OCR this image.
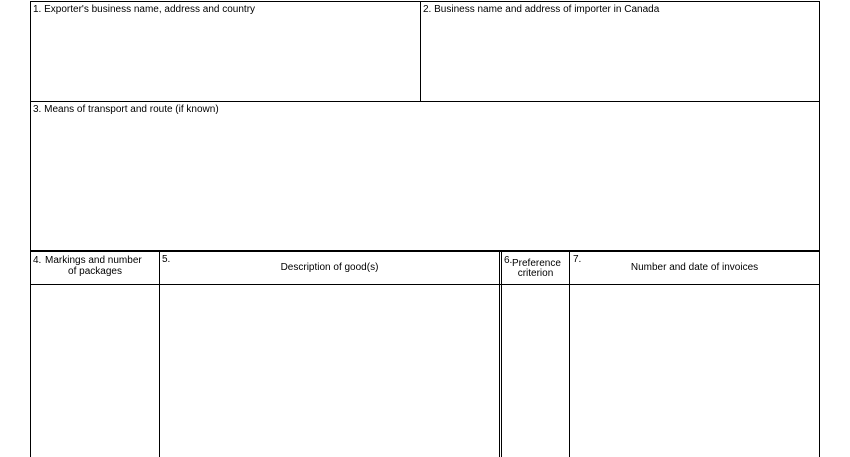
1. Exporter's business name, address and country	2. Business name and address of importer in Canada
3. Means of transport and route (if known)
4. Markings and number
of packages
5.
Description of good(s)
6. Preference
criterion
7.
Number and date of invoices
